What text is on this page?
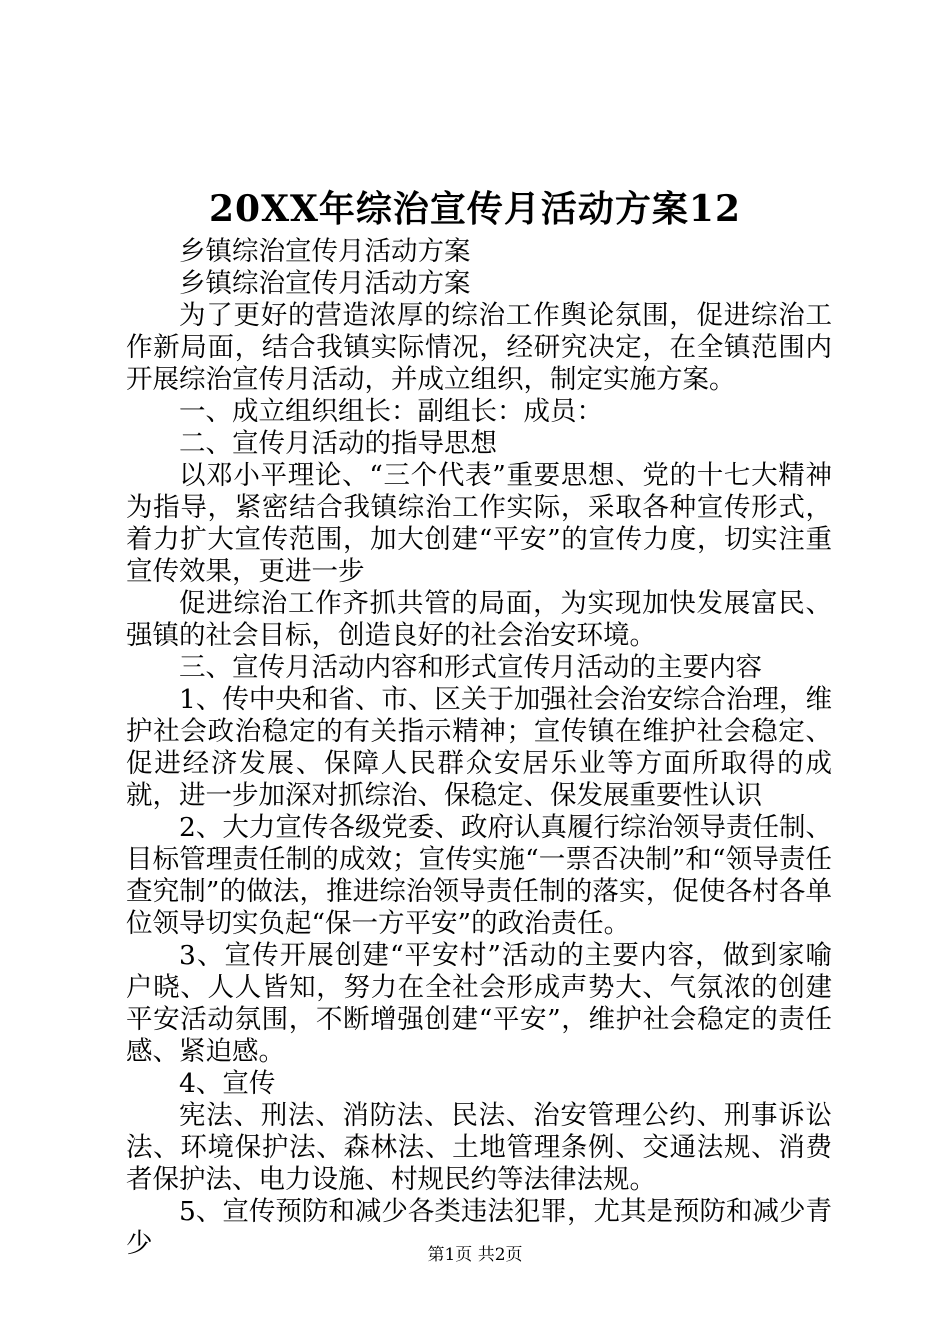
20XX年综治宣传月活动方案12

乡镇综治宣传月活动方案

乡镇综治宣传月活动方案

为了更好的营造浓厚的综治工作舆论氛围，促进综治工作新局面，结合我镇实际情况，经研究决定，在全镇范围内开展综治宣传月活动，并成立组织，制定实施方案。

一、成立组织组长：副组长：成员：

二、宣传月活动的指导思想

以邓小平理论、“三个代表”重要思想、党的十七大精神为指导，紧密结合我镇综治工作实际，采取各种宣传形式，着力扩大宣传范围，加大创建“平安”的宣传力度，切实注重宣传效果，更进一步

促进综治工作齐抓共管的局面，为实现加快发展富民、强镇的社会目标，创造良好的社会治安环境。

三、宣传月活动内容和形式宣传月活动的主要内容

1、传中央和省、市、区关于加强社会治安综合治理，维护社会政治稳定的有关指示精神；宣传镇在维护社会稳定、促进经济发展、保障人民群众安居乐业等方面所取得的成就，进一步加深对抓综治、保稳定、保发展重要性认识

2、大力宣传各级党委、政府认真履行综治领导责任制、目标管理责任制的成效；宣传实施“一票否决制”和“领导责任查究制”的做法，推进综治领导责任制的落实，促使各村各单位领导切实负起“保一方平安”的政治责任。

3、宣传开展创建“平安村”活动的主要内容，做到家喻户晓、人人皆知，努力在全社会形成声势大、气氛浓的创建平安活动氛围，不断增强创建“平安”，维护社会稳定的责任感、紧迫感。

4、宣传

宪法、刑法、消防法、民法、治安管理公约、刑事诉讼法、环境保护法、森林法、土地管理条例、交通法规、消费者保护法、电力设施、村规民约等法律法规。

5、宣传预防和减少各类违法犯罪，尤其是预防和减少青少	第1页 共2页
